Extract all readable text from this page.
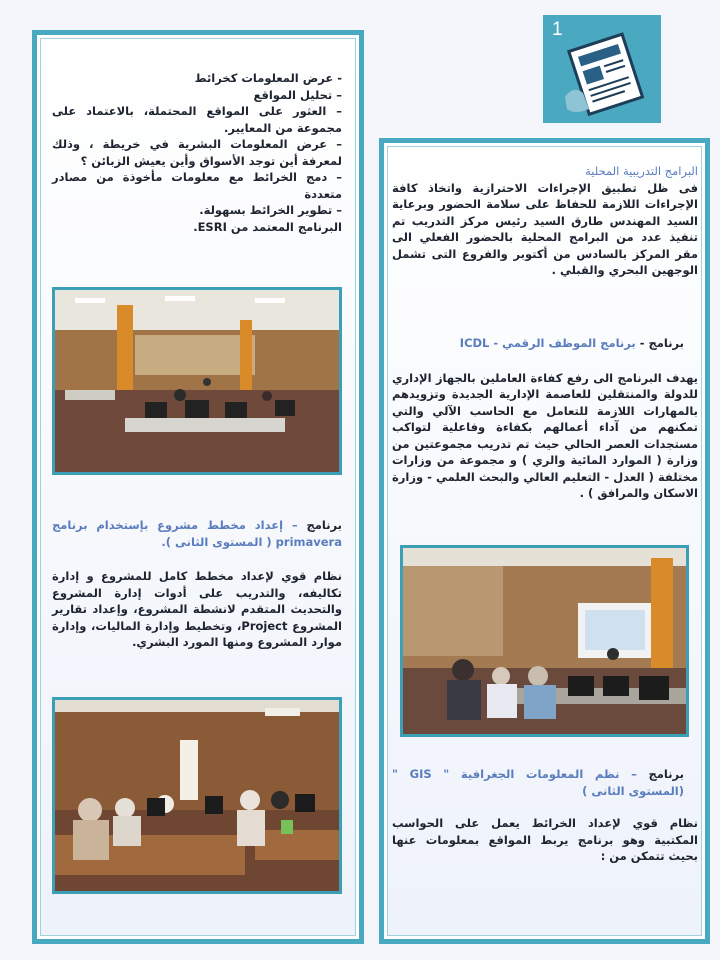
- عرض المعلومات كخرائط
– تحليل المواقع
– العثور على المواقع المحتملة، بالاعتماد على مجموعة من المعايير.
– عرض المعلومات البشرية في خريطة ، وذلك لمعرفة أين توجد الأسواق وأين يعيش الزبائن ؟
– دمج الخرائط مع معلومات مأخوذة من مصادر متعددة
– تطوير الخرائط بسهولة.
البرنامج المعتمد من ESRI.
برنامج – إعداد مخطط مشروع بإستخدام برنامج primavera ( المستوى الثانى ).
نظام قوي لإعداد مخطط كامل للمشروع و إدارة تكاليفه، والتدريب على أدوات إدارة المشروع والتحديث المتقدم لانشطة المشروع، وإعداد تقارير المشروع Project، وتخطيط وإدارة الماليات، وإدارة موارد المشروع ومنها المورد البشري.
1
البرامج التدريبية المحلية
فى ظل تطبيق الإجراءات الاحترازية واتخاذ كافة الإجراءات اللازمة للحفاظ على سلامة الحضور وبرعاية السيد المهندس طارق السيد رئيس مركز التدريب تم تنفيذ عدد من البرامج المحلية بالحضور الفعلي الى مقر المركز بالسادس من أكتوبر والفروع التى تشمل الوجهين البحري والقبلي .
برنامج - برنامج الموظف الرقمي - ICDL
يهدف البرنامج الى رفع كفاءة العاملين بالجهاز الإداري للدولة والمنتقلين للعاصمة الإدارية الجديدة وتزويدهم بالمهارات اللازمة للتعامل مع الحاسب الآلي والتي تمكنهم من آداء أعمالهم بكفاءة وفاعلية لتواكب مستجدات العصر الحالي حيث تم تدريب مجموعتين من وزارة ( الموارد المائية والري ) و مجموعة من وزارات مختلفة ( العدل - التعليم العالي والبحث العلمي - وزارة الاسكان والمرافق ) .
برنامج – نظم المعلومات الجغرافية " GIS " (المستوى الثانى )
نظام قوي لإعداد الخرائط يعمل على الحواسب المكتبية وهو برنامج يربط المواقع بمعلومات عنها بحيث تتمكن من :
